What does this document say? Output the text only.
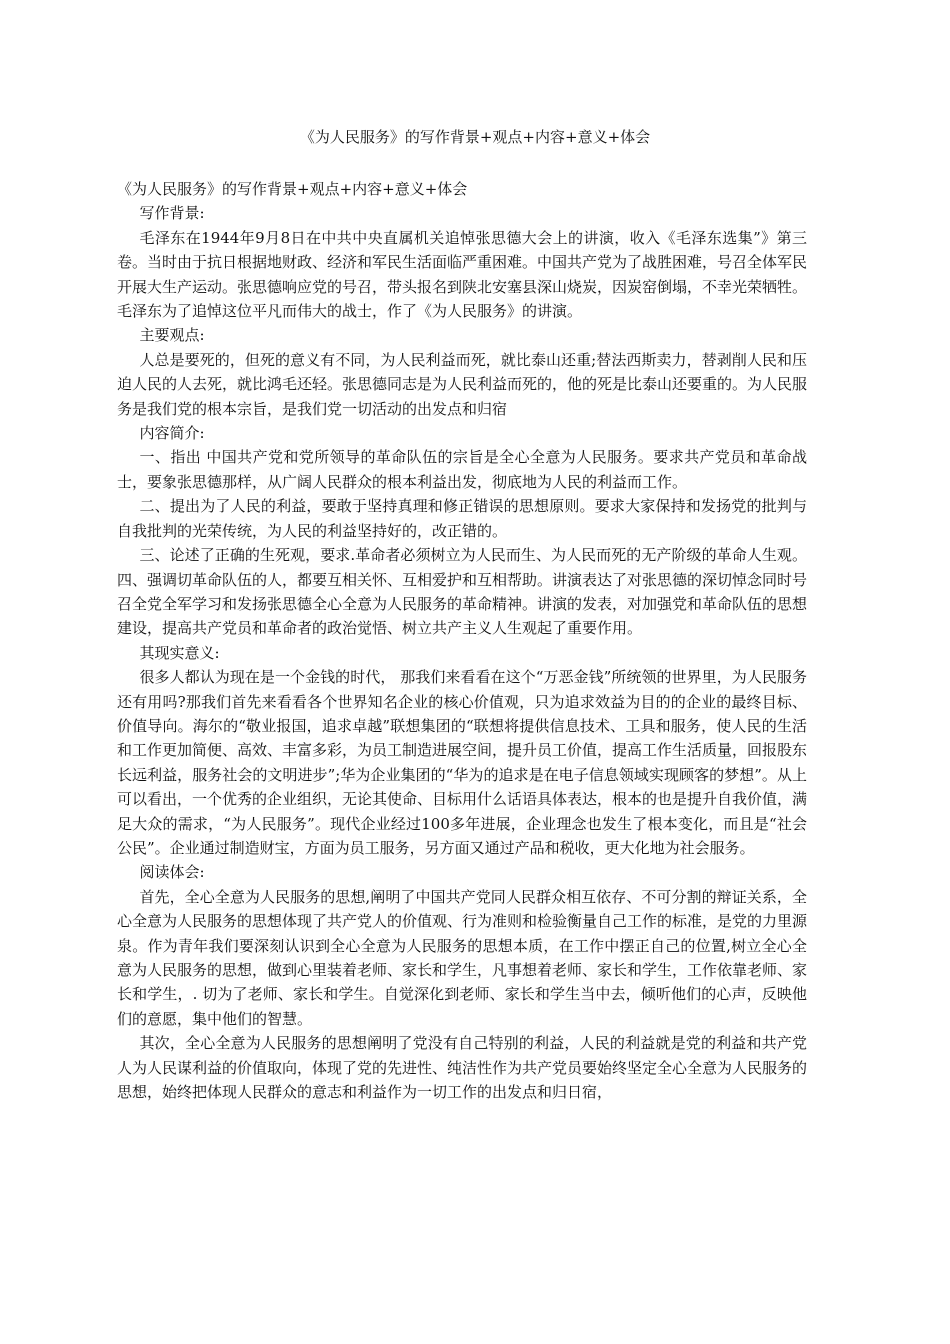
《为人民服务》的写作背景+观点+内容+意义+体会

《为人民服务》的写作背景+观点+内容+意义+体会

写作背景:

毛泽东在1944年9月8日在中共中央直属机关追悼张思德大会上的讲演，收入《毛泽东选集”》第三卷。当时由于抗日根据地财政、经济和军民生活面临严重困难。中国共产党为了战胜困难，号召全体军民开展大生产运动。张思德响应党的号召，带头报名到陕北安塞县深山烧炭，因炭窑倒塌，不幸光荣牺牲。毛泽东为了追悼这位平凡而伟大的战士，作了《为人民服务》的讲演。

主要观点:

人总是要死的，但死的意义有不同，为人民利益而死，就比泰山还重;替法西斯卖力，替剥削人民和压迫人民的人去死，就比鸿毛还轻。张思德同志是为人民利益而死的，他的死是比泰山还要重的。为人民服务是我们党的根本宗旨，是我们党一切活动的出发点和归宿

内容简介:

一、指出 中国共产党和党所领导的革命队伍的宗旨是全心全意为人民服务。要求共产党员和革命战士，要象张思德那样，从广阔人民群众的根本利益出发，彻底地为人民的利益而工作。

二、提出为了人民的利益，要敢于坚持真理和修正错误的思想原则。要求大家保持和发扬党的批判与自我批判的光荣传统，为人民的利益坚持好的，改正错的。

三、论述了正确的生死观，要求.革命者必须树立为人民而生、为人民而死的无产阶级的革命人生观。四、强调切革命队伍的人，都要互相关怀、互相爱护和互相帮助。讲演表达了对张思德的深切悼念同时号召全党全军学习和发扬张思德全心全意为人民服务的革命精神。讲演的发表，对加强党和革命队伍的思想建设，提高共产党员和革命者的政治觉悟、树立共产主义人生观起了重要作用。

其现实意义:

很多人都认为现在是一个金钱的时代， 那我们来看看在这个“万恶金钱”所统领的世界里，为人民服务还有用吗?那我们首先来看看各个世界知名企业的核心价值观，只为追求效益为目的的企业的最终目标、价值导向。海尔的“敬业报国，追求卓越”联想集团的“联想将提供信息技术、工具和服务，使人民的生活和工作更加简便、高效、丰富多彩，为员工制造进展空间，提升员工价值，提高工作生活质量，回报股东长远利益，服务社会的文明进步”;华为企业集团的“华为的追求是在电子信息领域实现顾客的梦想”。从上可以看出，一个优秀的企业组织，无论其使命、目标用什么话语具体表达，根本的也是提升自我价值，满足大众的需求，“为人民服务”。现代企业经过100多年进展，企业理念也发生了根本变化，而且是“社会公民”。企业通过制造财宝，方面为员工服务，另方面又通过产品和税收，更大化地为社会服务。

阅读体会:

首先，全心全意为人民服务的思想,阐明了中国共产党同人民群众相互依存、不可分割的辩证关系，全心全意为人民服务的思想体现了共产党人的价值观、行为准则和检验衡量自己工作的标准，是党的力里源泉。作为青年我们要深刻认识到全心全意为人民服务的思想本质，在工作中摆正自己的位置,树立全心全意为人民服务的思想，做到心里装着老师、家长和学生，凡事想着老师、家长和学生，工作依靠老师、家长和学生，. 切为了老师、家长和学生。自觉深化到老师、家长和学生当中去，倾听他们的心声，反映他们的意愿，集中他们的智慧。

其次，全心全意为人民服务的思想阐明了党没有自己特别的利益，人民的利益就是党的利益和共产党人为人民谋利益的价值取向，体现了党的先进性、纯洁性作为共产党员要始终坚定全心全意为人民服务的思想，始终把体现人民群众的意志和利益作为一切工作的出发点和归日宿，
